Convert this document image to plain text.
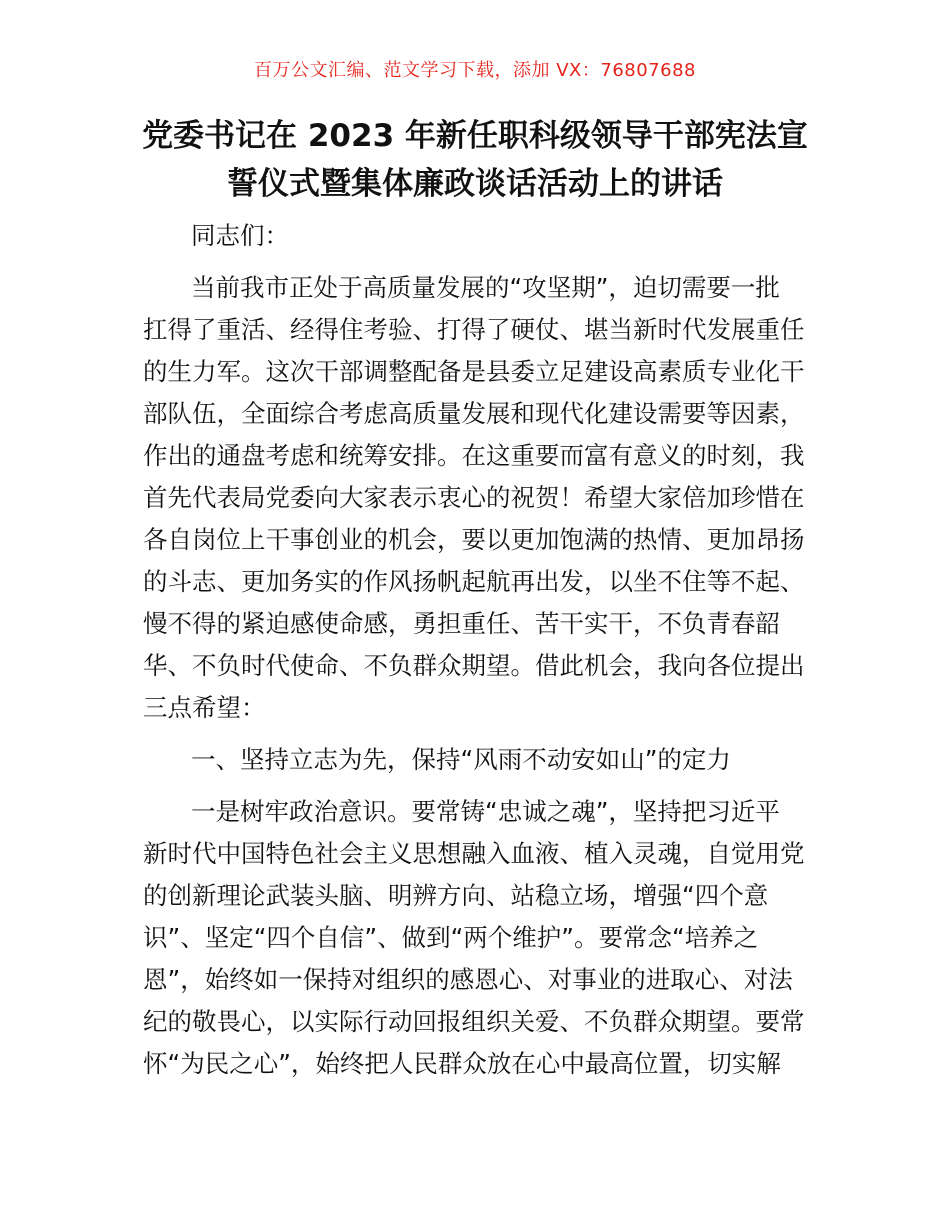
百万公文汇编、范文学习下载，添加 VX：76807688
党委书记在 2023 年新任职科级领导干部宪法宣
誓仪式暨集体廉政谈话活动上的讲话
同志们：
当前我市正处于高质量发展的“攻坚期”，迫切需要一批
扛得了重活、经得住考验、打得了硬仗、堪当新时代发展重任
的生力军。这次干部调整配备是县委立足建设高素质专业化干
部队伍，全面综合考虑高质量发展和现代化建设需要等因素，
作出的通盘考虑和统筹安排。在这重要而富有意义的时刻，我
首先代表局党委向大家表示衷心的祝贺！希望大家倍加珍惜在
各自岗位上干事创业的机会，要以更加饱满的热情、更加昂扬
的斗志、更加务实的作风扬帆起航再出发，以坐不住等不起、
慢不得的紧迫感使命感，勇担重任、苦干实干，不负青春韶
华、不负时代使命、不负群众期望。借此机会，我向各位提出
三点希望：
一、坚持立志为先，保持“风雨不动安如山”的定力
一是树牢政治意识。要常铸“忠诚之魂”，坚持把习近平
新时代中国特色社会主义思想融入血液、植入灵魂，自觉用党
的创新理论武装头脑、明辨方向、站稳立场，增强“四个意
识”、坚定“四个自信”、做到“两个维护”。要常念“培养之
恩”，始终如一保持对组织的感恩心、对事业的进取心、对法
纪的敬畏心，以实际行动回报组织关爱、不负群众期望。要常
怀“为民之心”，始终把人民群众放在心中最高位置，切实解
